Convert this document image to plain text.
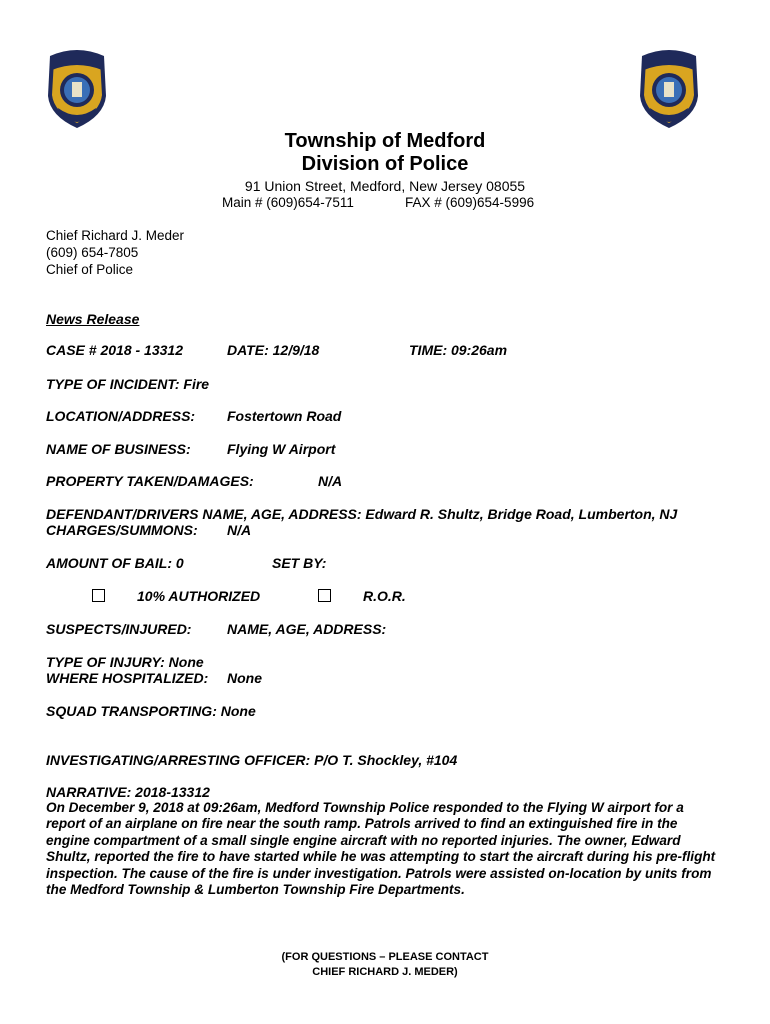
Township of Medford
Division of Police
91 Union Street, Medford, New Jersey 08055
Main # (609)654-7511	FAX # (609)654-5996
Chief Richard J. Meder
(609) 654-7805
Chief of Police
News Release
CASE # 2018 - 13312	DATE: 12/9/18	TIME: 09:26am
TYPE OF INCIDENT: Fire
LOCATION/ADDRESS: Fostertown Road
NAME OF BUSINESS:	Flying W Airport
PROPERTY TAKEN/DAMAGES:	N/A
DEFENDANT/DRIVERS NAME, AGE, ADDRESS: Edward R. Shultz, Bridge Road, Lumberton, NJ
CHARGES/SUMMONS: N/A
AMOUNT OF BAIL: 0	SET BY:
10% AUTHORIZED	R.O.R.
SUSPECTS/INJURED:	NAME, AGE, ADDRESS:
TYPE OF INJURY: None
WHERE HOSPITALIZED: None
SQUAD TRANSPORTING: None
INVESTIGATING/ARRESTING OFFICER: P/O T. Shockley, #104
NARRATIVE: 2018-13312
On December 9, 2018 at 09:26am, Medford Township Police responded to the Flying W airport for a report of an airplane on fire near the south ramp. Patrols arrived to find an extinguished fire in the engine compartment of a small single engine aircraft with no reported injuries. The owner, Edward Shultz, reported the fire to have started while he was attempting to start the aircraft during his pre-flight inspection. The cause of the fire is under investigation. Patrols were assisted on-location by units from the Medford Township & Lumberton Township Fire Departments.
(FOR QUESTIONS – PLEASE CONTACT
CHIEF RICHARD J. MEDER)
